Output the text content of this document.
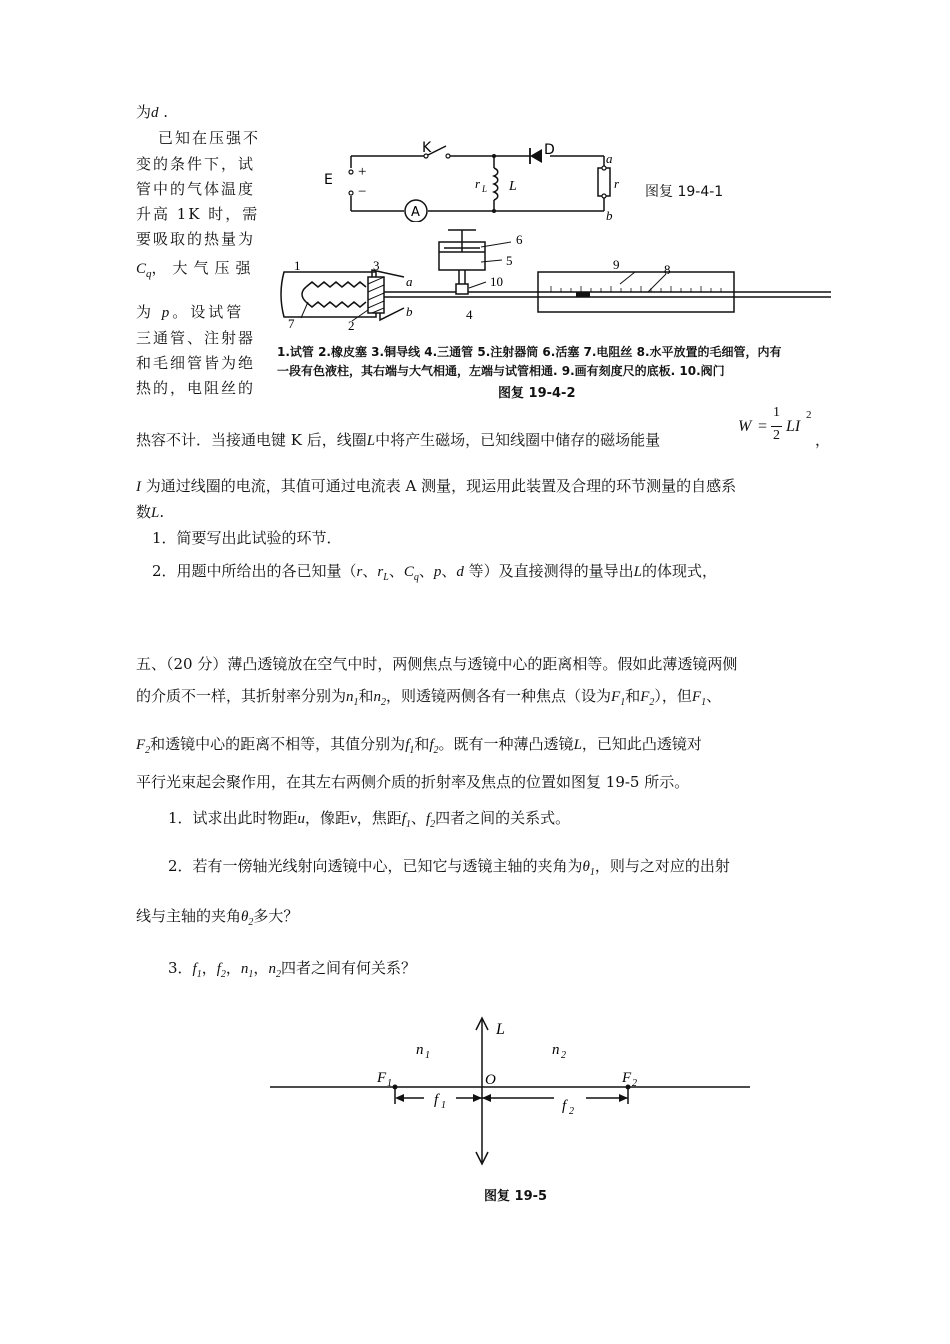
为d .
已知在压强不
变的条件下，试
管中的气体温度
升高 1K 时，需
要吸取的热量为
$C_q$，大气压强
为 p。设试管
三通管、注射器
和毛细管皆为绝
热的，电阻丝的
热容不计．当接通电键 K 后，线圈L中将产生磁场，已知线圈中储存的磁场能量
W =
1
2
LI
2
，
I 为通过线圈的电流，其值可通过电流表 A 测量，现运用此装置及合理的环节测量的自感系
数L.
1．简要写出此试验的环节．
2．用题中所给出的各已知量（r、$r_L$、$C_q$、p、d 等）及直接测得的量导出L的体现式，
K	D
E +
−
A
r L L
a
r
b
图复 19-4-1
1
2
3
4
5
6
7
8
9
10
a
b
1.试管 2.橡皮塞 3.铜导线 4.三通管 5.注射器筒 6.活塞 7.电阻丝 8.水平放置的毛细管，内有
一段有色液柱，其右端与大气相通，左端与试管相通. 9.画有刻度尺的底板. 10.阀门
图复 19-4-2
五、（20 分）薄凸透镜放在空气中时，两侧焦点与透镜中心的距离相等。假如此薄透镜两侧
的介质不一样，其折射率分别为$n_1$和$n_2$，则透镜两侧各有一种焦点（设为$F_1$和$F_2$），但$F_1$、
$F_2$和透镜中心的距离不相等，其值分别为$f_1$和$f_2$。既有一种薄凸透镜L，已知此凸透镜对
平行光束起会聚作用，在其左右两侧介质的折射率及焦点的位置如图复 19-5 所示。
1．试求出此时物距u，像距v，焦距$f_1$、$f_2$四者之间的关系式。
2．若有一傍轴光线射向透镜中心，已知它与透镜主轴的夹角为$\theta_1$，则与之对应的出射
线与主轴的夹角$\theta_2$多大？
3．$f_1$，$f_2$，$n_1$，$n_2$四者之间有何关系？
L
n 1	n 2
O
F 1	F 2
f 1	f 2
图复 19-5
